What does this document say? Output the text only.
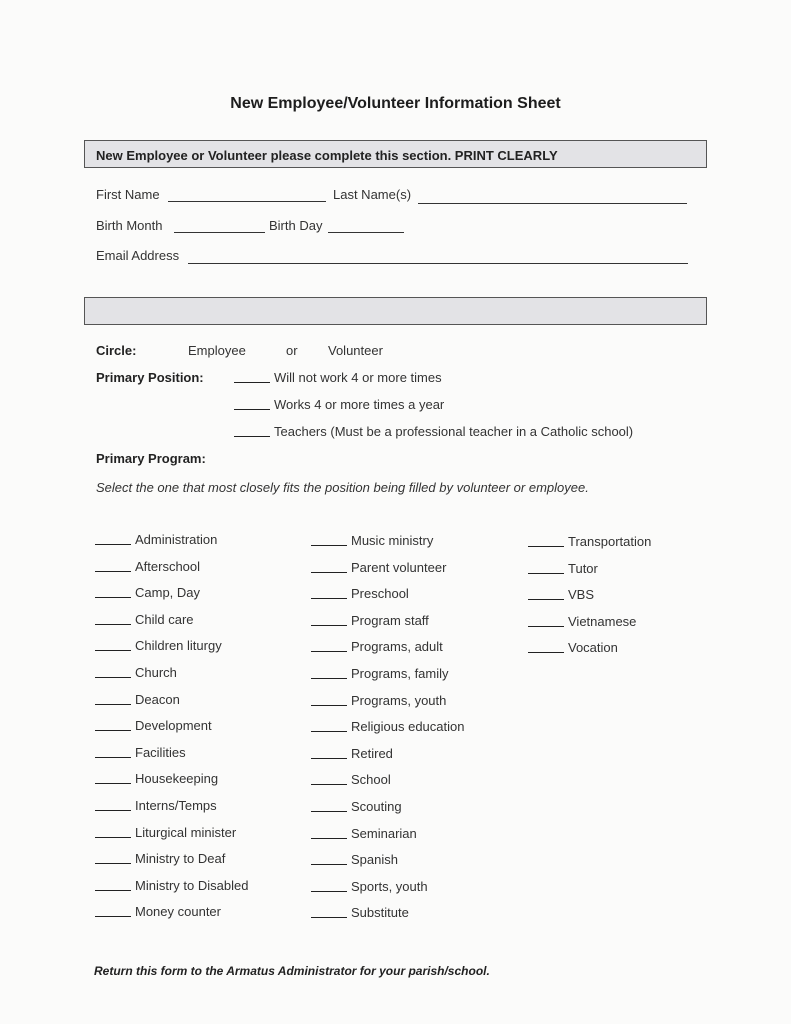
New Employee/Volunteer Information Sheet
New Employee or Volunteer please complete this section. PRINT CLEARLY
First Name	Last Name(s)
Birth Month	Birth Day
Email Address
Circle:	Employee	or Volunteer
Primary Position:	Will not work 4 or more times
Works 4 or more times a year
Teachers (Must be a professional teacher in a Catholic school)
Primary Program:
Select the one that most closely fits the position being filled by volunteer or employee.
Administration
Afterschool
Camp, Day
Child care
Children liturgy
Church
Deacon
Development
Facilities
Housekeeping
Interns/Temps
Liturgical minister
Ministry to Deaf
Ministry to Disabled
Money counter
Music ministry
Parent volunteer
Preschool
Program staff
Programs, adult
Programs, family
Programs, youth
Religious education
Retired
School
Scouting
Seminarian
Spanish
Sports, youth
Substitute
Transportation
Tutor
VBS
Vietnamese
Vocation
Return this form to the Armatus Administrator for your parish/school.
